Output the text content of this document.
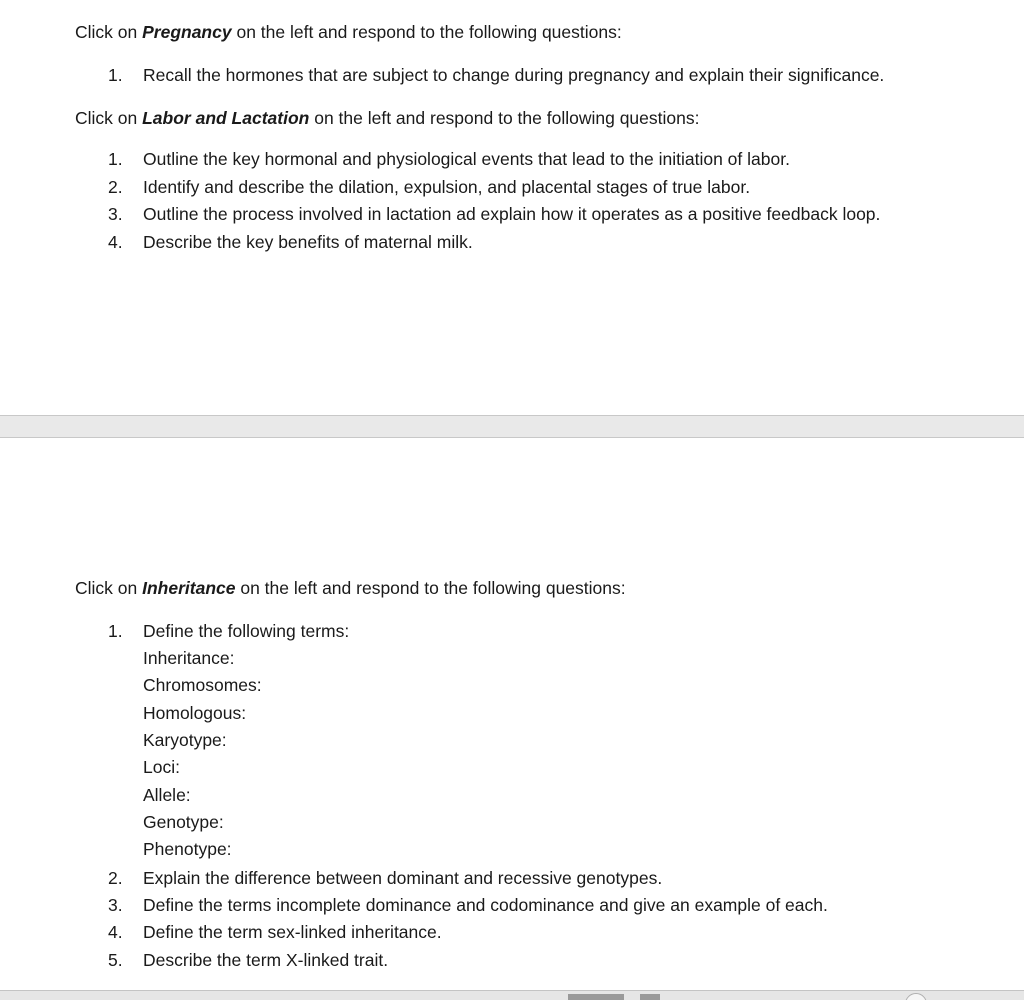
Click on Pregnancy on the left and respond to the following questions:
1. Recall the hormones that are subject to change during pregnancy and explain their significance.
Click on Labor and Lactation on the left and respond to the following questions:
1. Outline the key hormonal and physiological events that lead to the initiation of labor.
2. Identify and describe the dilation, expulsion, and placental stages of true labor.
3. Outline the process involved in lactation ad explain how it operates as a positive feedback loop.
4. Describe the key benefits of maternal milk.
Click on Inheritance on the left and respond to the following questions:
1. Define the following terms:
Inheritance:
Chromosomes:
Homologous:
Karyotype:
Loci:
Allele:
Genotype:
Phenotype:
2. Explain the difference between dominant and recessive genotypes.
3. Define the terms incomplete dominance and codominance and give an example of each.
4. Define the term sex-linked inheritance.
5. Describe the term X-linked trait.
